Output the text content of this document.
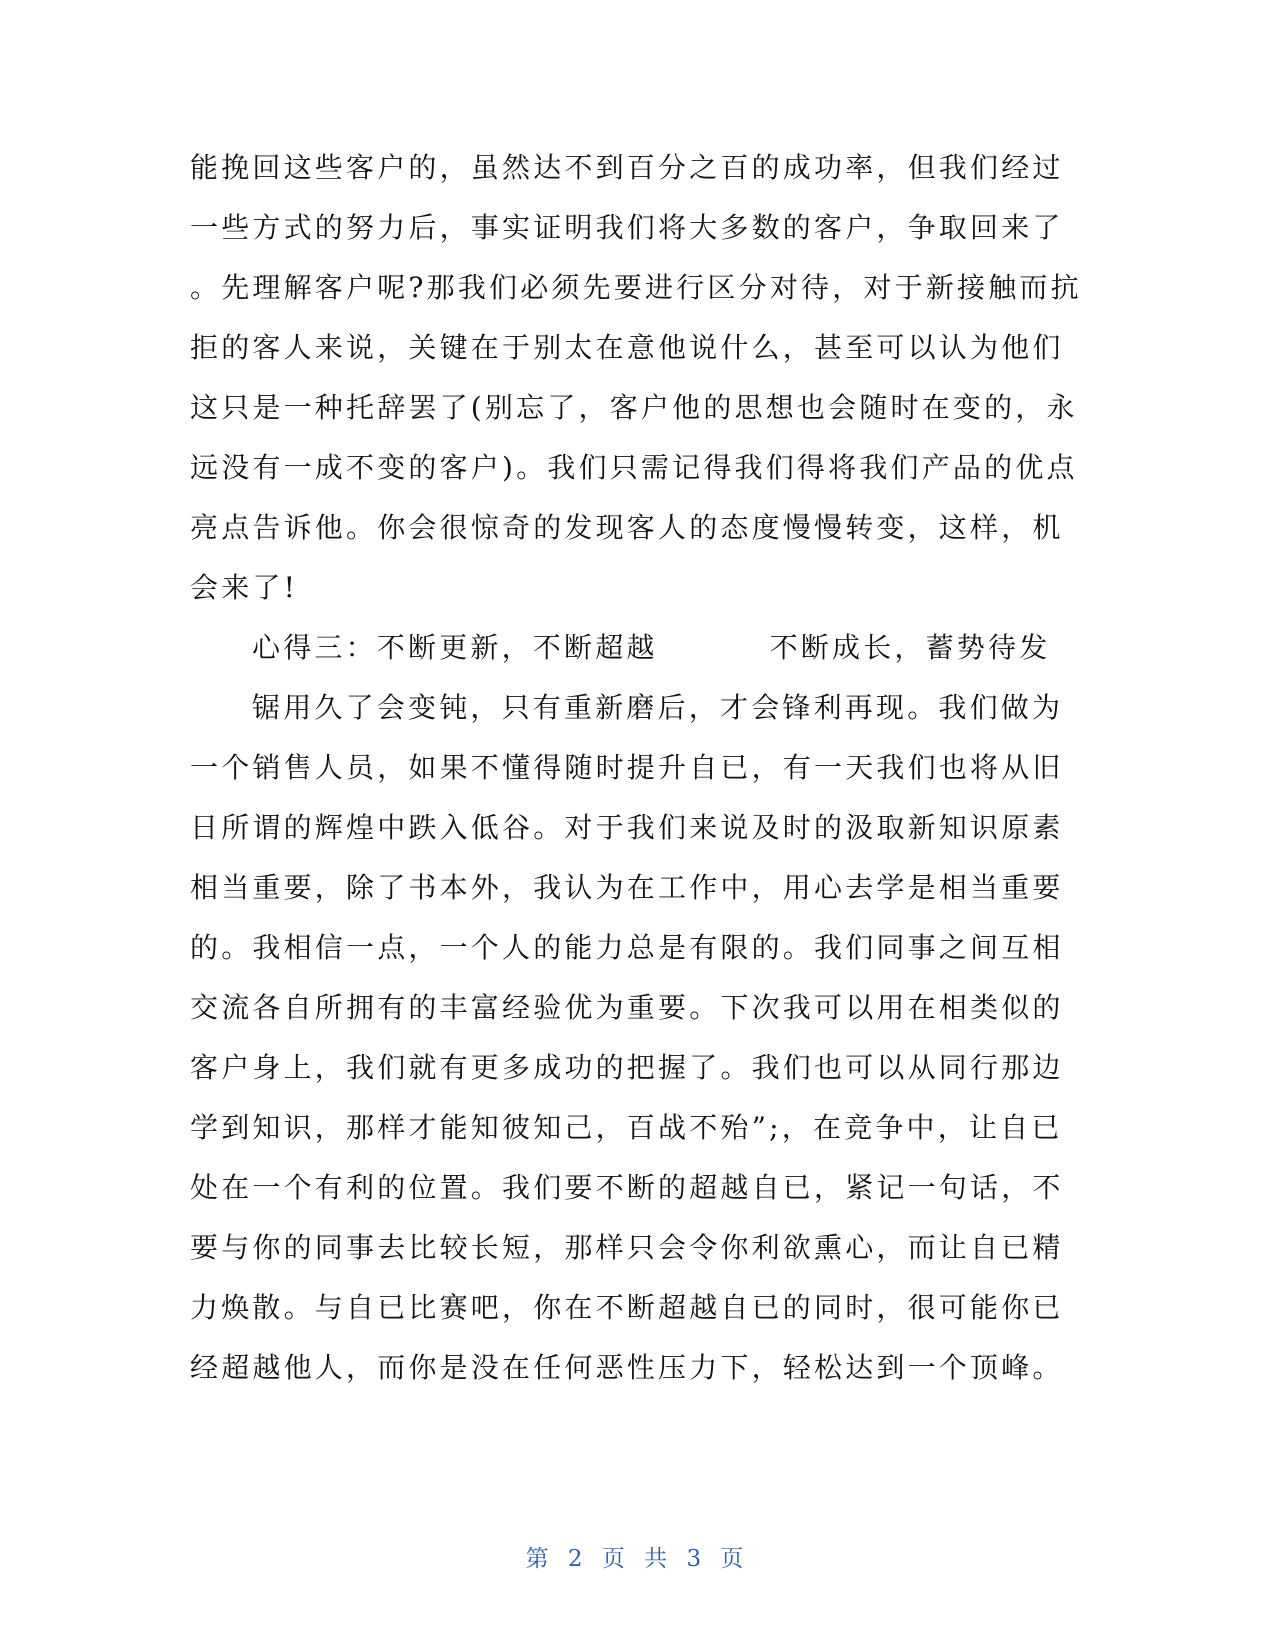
能挽回这些客户的，虽然达不到百分之百的成功率，但我们经过

一些方式的努力后，事实证明我们将大多数的客户，争取回来了

。先理解客户呢?那我们必须先要进行区分对待，对于新接触而抗

拒的客人来说，关键在于别太在意他说什么，甚至可以认为他们

这只是一种托辞罢了(别忘了，客户他的思想也会随时在变的，永

远没有一成不变的客户)。我们只需记得我们得将我们产品的优点

亮点告诉他。你会很惊奇的发现客人的态度慢慢转变，这样，机

会来了!

心得三：不断更新，不断超越	不断成长，蓄势待发

锯用久了会变钝，只有重新磨后，才会锋利再现。我们做为

一个销售人员，如果不懂得随时提升自已，有一天我们也将从旧

日所谓的辉煌中跌入低谷。对于我们来说及时的汲取新知识原素

相当重要，除了书本外，我认为在工作中，用心去学是相当重要

的。我相信一点，一个人的能力总是有限的。我们同事之间互相

交流各自所拥有的丰富经验优为重要。下次我可以用在相类似的

客户身上，我们就有更多成功的把握了。我们也可以从同行那边

学到知识，那样才能知彼知己，百战不殆”;，在竞争中，让自已

处在一个有利的位置。我们要不断的超越自已，紧记一句话，不

要与你的同事去比较长短，那样只会令你利欲熏心，而让自已精

力焕散。与自已比赛吧，你在不断超越自已的同时，很可能你已

经超越他人，而你是没在任何恶性压力下，轻松达到一个顶峰。

第 2 页 共 3 页
